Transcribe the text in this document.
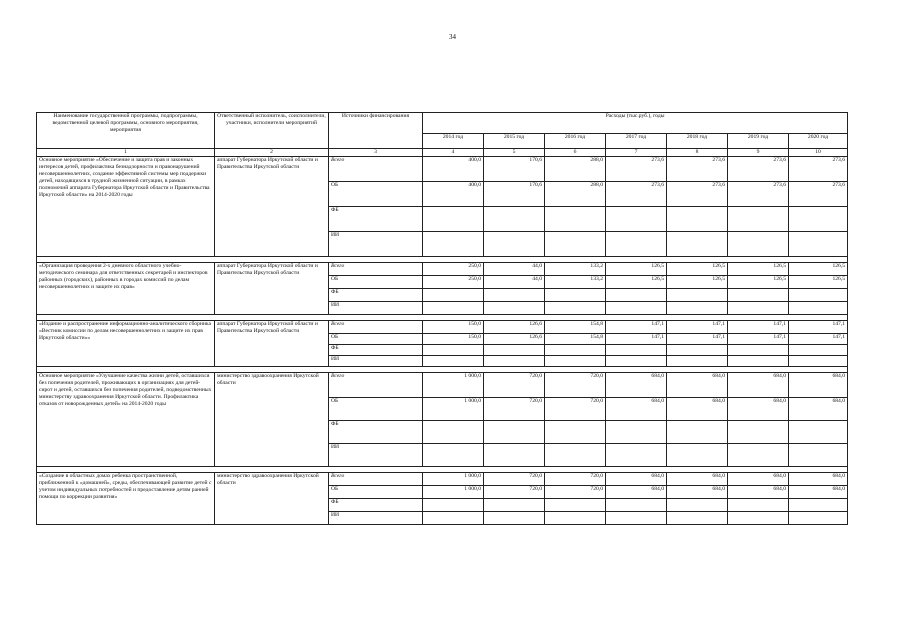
34
Наименование государственной программы, подпрограммы, ведомственной целевой программы, основного мероприятия, мероприятия	Ответственный исполнитель, соисполнители, участники, исполнители мероприятий	Источники финансирования	Расходы (тыс.руб.), годы						
			2014 год	2015 год	2016 год	2017 год	2018 год	2019 год	2020 год
1	2	3	4	5	6	7	8	9	10
Основное мероприятие «Обеспечение и защита прав и законных интересов детей, профилактика безнадзорности и правонарушений несовершеннолетних, создание эффективной системы мер поддержки детей, находящихся в трудной жизненной ситуации, в рамках полномочий аппарата Губернатора Иркутской области и Правительства Иркутской области» на 2014-2020 годы	аппарат Губернатора Иркутской области и Правительства Иркутской области	Всего	400,0	170,6	288,0	273,6	273,6	273,6	273,6
		ОБ	400,0	170,6	288,0	273,6	273,6	273,6	273,6
		ФБ							
		ИИ							

«Организация проведения 2-х дневного областного учебно-методического семинара для ответственных секретарей и инспекторов районных (городских), районных в городах комиссий по делам несовершеннолетних и защите их прав»	аппарат Губернатора Иркутской области и Правительства Иркутской области	Всего	250,0	44,0	133,2	126,5	126,5	126,5	126,5
		ОБ	250,0	44,0	133,2	126,5	126,5	126,5	126,5
		ФБ							
		ИИ							

«Издание и распространение информационно-аналитического сборника «Вестник комиссии по делам несовершеннолетних и защите их прав Иркутской области»»	аппарат Губернатора Иркутской области и Правительства Иркутской области	Всего	150,0	126,6	154,8	147,1	147,1	147,1	147,1
		ОБ	150,0	126,6	154,8	147,1	147,1	147,1	147,1
		ФБ							
		ИИ							

Основное мероприятие «Улучшение качества жизни детей, оставшихся без попечения родителей, проживающих в организациях для детей-сирот и детей, оставшихся без попечения родителей, подведомственных министерству здравоохранения Иркутской области. Профилактика отказов от новорожденных детей» на 2014-2020 годы	министерство здравоохранения Иркутской области	Всего	1 000,0	720,0	720,0	684,0	684,0	684,0	684,0
		ОБ	1 000,0	720,0	720,0	684,0	684,0	684,0	684,0
		ФБ							
		ИИ							

«Создание в областных домах ребенка пространственной, приближенной к «домашней», среды, обеспечивающей развитие детей с учетом индивидуальных потребностей и предоставление детям ранней помощи по коррекции развития»	министерство здравоохранения Иркутской области	Всего	1 000,0	720,0	720,0	684,0	684,0	684,0	684,0
		ОБ	1 000,0	720,0	720,0	684,0	684,0	684,0	684,0
		ФБ							
		ИИ							
